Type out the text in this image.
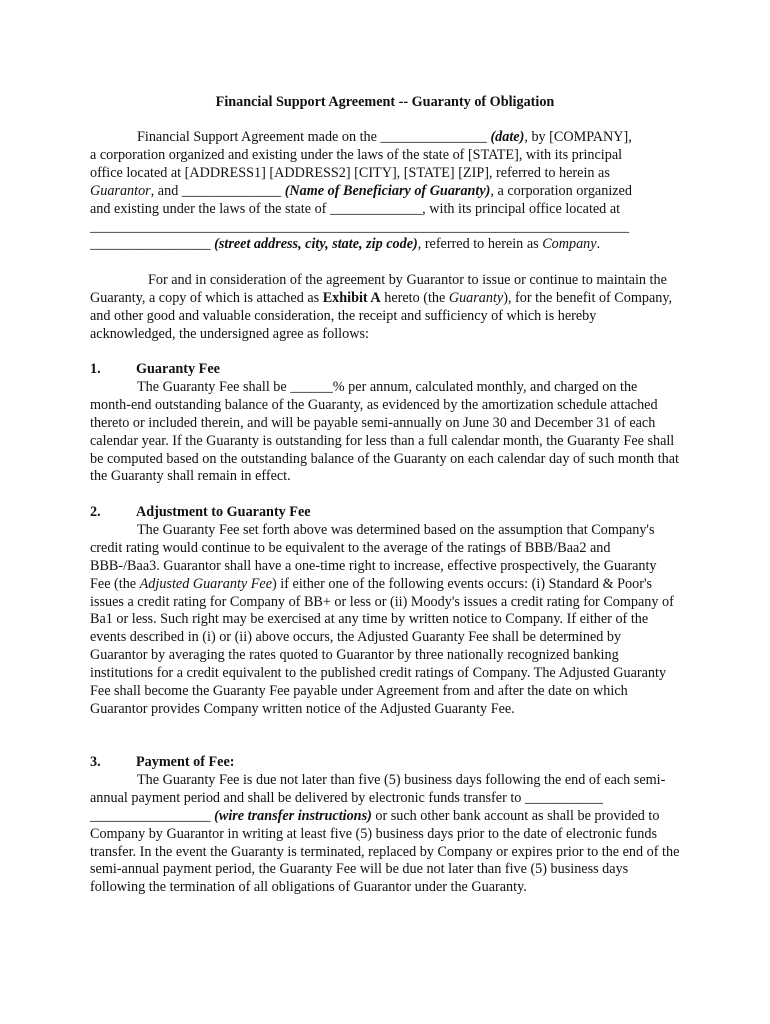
Financial Support Agreement -- Guaranty of Obligation
Financial Support Agreement made on the _______________ (date), by [COMPANY],
a corporation organized and existing under the laws of the state of [STATE], with its principal
office located at [ADDRESS1] [ADDRESS2] [CITY], [STATE] [ZIP], referred to herein as
Guarantor, and ______________ (Name of Beneficiary of Guaranty), a corporation organized
and existing under the laws of the state of _____________, with its principal office located at
____________________________________________________________________________
_________________ (street address, city, state, zip code), referred to herein as Company.

For and in consideration of the agreement by Guarantor to issue or continue to maintain the Guaranty, a copy of which is attached as Exhibit A hereto (the Guaranty), for the benefit of Company, and other good and valuable consideration, the receipt and sufficiency of which is hereby acknowledged, the undersigned agree as follows:

1.	Guaranty Fee

The Guaranty Fee shall be ______% per annum, calculated monthly, and charged on the month-end outstanding balance of the Guaranty, as evidenced by the amortization schedule attached thereto or included therein, and will be payable semi-annually on June 30 and December 31 of each calendar year. If the Guaranty is outstanding for less than a full calendar month, the Guaranty Fee shall be computed based on the outstanding balance of the Guaranty on each calendar day of such month that the Guaranty shall remain in effect.

2.	Adjustment to Guaranty Fee

The Guaranty Fee set forth above was determined based on the assumption that Company's credit rating would continue to be equivalent to the average of the ratings of BBB/Baa2 and BBB-/Baa3. Guarantor shall have a one-time right to increase, effective prospectively, the Guaranty Fee (the Adjusted Guaranty Fee) if either one of the following events occurs: (i) Standard & Poor's issues a credit rating for Company of BB+ or less or (ii) Moody's issues a credit rating for Company of Ba1 or less. Such right may be exercised at any time by written notice to Company. If either of the events described in (i) or (ii) above occurs, the Adjusted Guaranty Fee shall be determined by Guarantor by averaging the rates quoted to Guarantor by three nationally recognized banking institutions for a credit equivalent to the published credit ratings of Company. The Adjusted Guaranty Fee shall become the Guaranty Fee payable under Agreement from and after the date on which Guarantor provides Company written notice of the Adjusted Guaranty Fee.

3.	Payment of Fee:

The Guaranty Fee is due not later than five (5) business days following the end of each semi-annual payment period and shall be delivered by electronic funds transfer to ___________ _________________ (wire transfer instructions) or such other bank account as shall be provided to Company by Guarantor in writing at least five (5) business days prior to the date of electronic funds transfer. In the event the Guaranty is terminated, replaced by Company or expires prior to the end of the semi-annual payment period, the Guaranty Fee will be due not later than five (5) business days following the termination of all obligations of Guarantor under the Guaranty.
